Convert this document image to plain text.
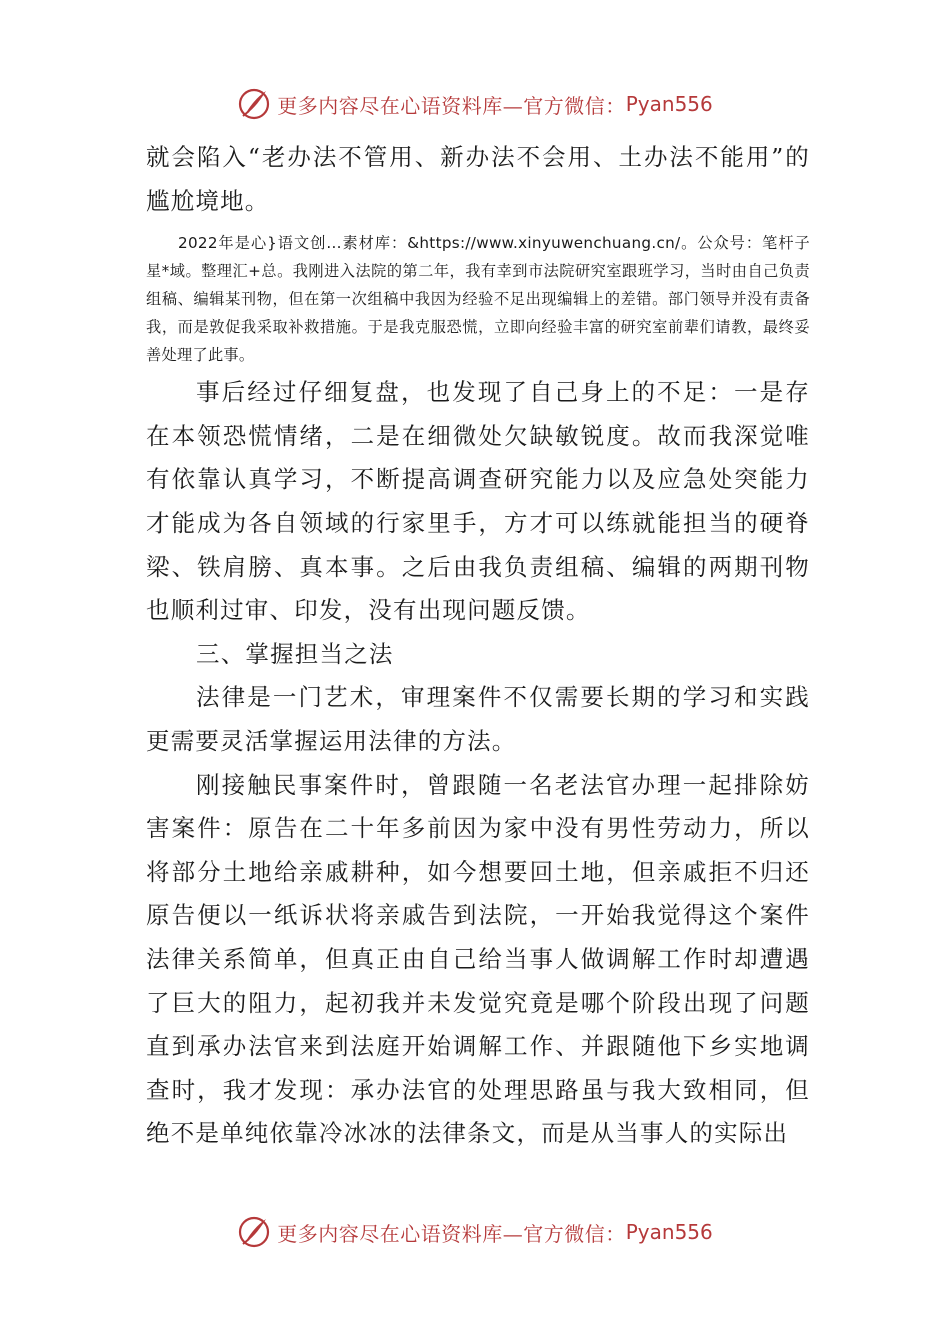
更多内容尽在心语资料库—官方微信： Pyan556

就会陷入“老办法不管用、新办法不会用、土办法不能用”的尴尬境地。

2022年是心}语文创...素材库：&https://www.xinyuwenchuang.cn/。公众号：笔杆子星*域。整理汇+总。我刚进入法院的第二年，我有幸到市法院研究室跟班学习，当时由自己负责组稿、编辑某刊物，但在第一次组稿中我因为经验不足出现编辑上的差错。部门领导并没有责备我，而是敦促我采取补救措施。于是我克服恐慌，立即向经验丰富的研究室前辈们请教，最终妥善处理了此事。

事后经过仔细复盘，也发现了自己身上的不足：一是存在本领恐慌情绪，二是在细微处欠缺敏锐度。故而我深觉唯有依靠认真学习，不断提高调查研究能力以及应急处突能力才能成为各自领域的行家里手，方才可以练就能担当的硬脊梁、铁肩膀、真本事。之后由我负责组稿、编辑的两期刊物也顺利过审、印发，没有出现问题反馈。

三、掌握担当之法

法律是一门艺术，审理案件不仅需要长期的学习和实践更需要灵活掌握运用法律的方法。

刚接触民事案件时，曾跟随一名老法官办理一起排除妨害案件：原告在二十年多前因为家中没有男性劳动力，所以将部分土地给亲戚耕种，如今想要回土地，但亲戚拒不归还原告便以一纸诉状将亲戚告到法院，一开始我觉得这个案件法律关系简单，但真正由自己给当事人做调解工作时却遭遇了巨大的阻力，起初我并未发觉究竟是哪个阶段出现了问题直到承办法官来到法庭开始调解工作、并跟随他下乡实地调查时，我才发现：承办法官的处理思路虽与我大致相同，但绝不是单纯依靠冷冰冰的法律条文，而是从当事人的实际出

更多内容尽在心语资料库—官方微信： Pyan556
